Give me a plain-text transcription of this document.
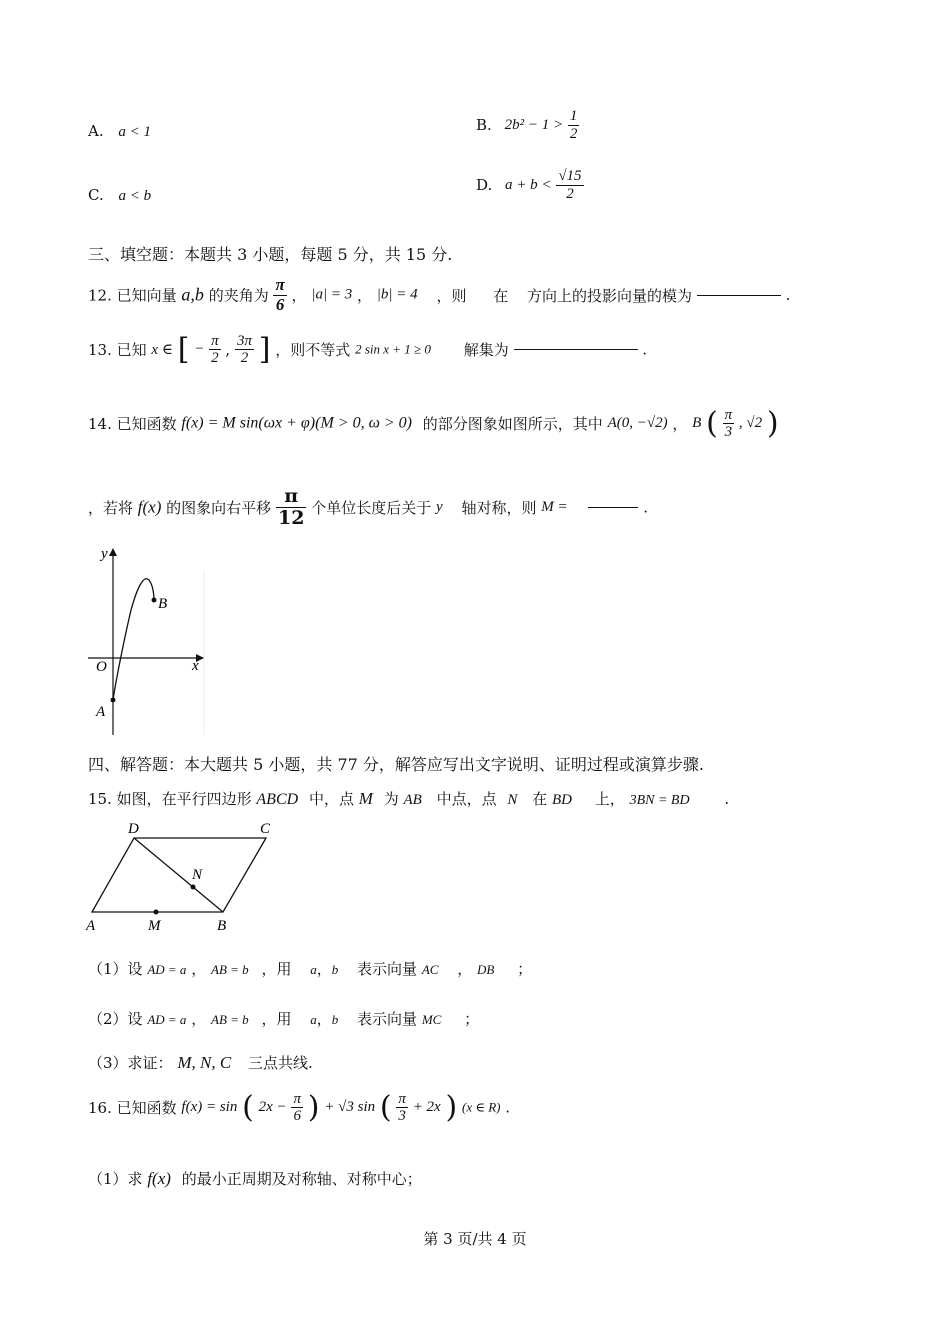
A. a < 1	B. $2b^2 - 1 > \frac{1}{2}$
C. a < b
D. $a + b < \frac{√15}{2}$
三、填空题：本题共 3 小题，每题 5 分，共 15 分.
12. 已知向量 a,b 的夹角为 $\frac{\pi}{6}$ ， |a| = 3 ， |b| = 4 ，则 在 方向上的投影向量的模为	.
13. 已知 x ∈ [ − $\frac{\pi}{2}$ , $\frac{3\pi}{2}$ ] ，则不等式 2 sin x + 1 ≥ 0 解集为	.
14. 已知函数 f(x) = M sin(ωx + φ)(M > 0, ω > 0) 的部分图象如图所示，其中 A(0, −√2) ， B ( $\frac{\pi}{3}$ , √2 )
，若将 f(x) 的图象向右平移 $\frac{\pi}{12}$ 个单位长度后关于 y 轴对称，则 M =	.
y
x
O
A
B
四、解答题：本大题共 5 小题，共 77 分，解答应写出文字说明、证明过程或演算步骤.
15. 如图，在平行四边形 ABCD 中，点 M 为 AB 中点，点 N 在 BD 上， 3BN = BD .
D	C
A	M	B
N
（1）设 AD = a ， AB = b ，用 a，b 表示向量 AC ， DB ；
（2）设 AD = a ， AB = b ，用 a，b 表示向量 MC ；
（3）求证： M, N, C 三点共线.
16. 已知函数 f(x) = sin ( $2x - \frac{\pi}{6}$ ) + √3 sin ( $\frac{\pi}{3} + 2x$ ) (x ∈ R) .
（1）求 f(x) 的最小正周期及对称轴、对称中心；
第 3 页/共 4 页
